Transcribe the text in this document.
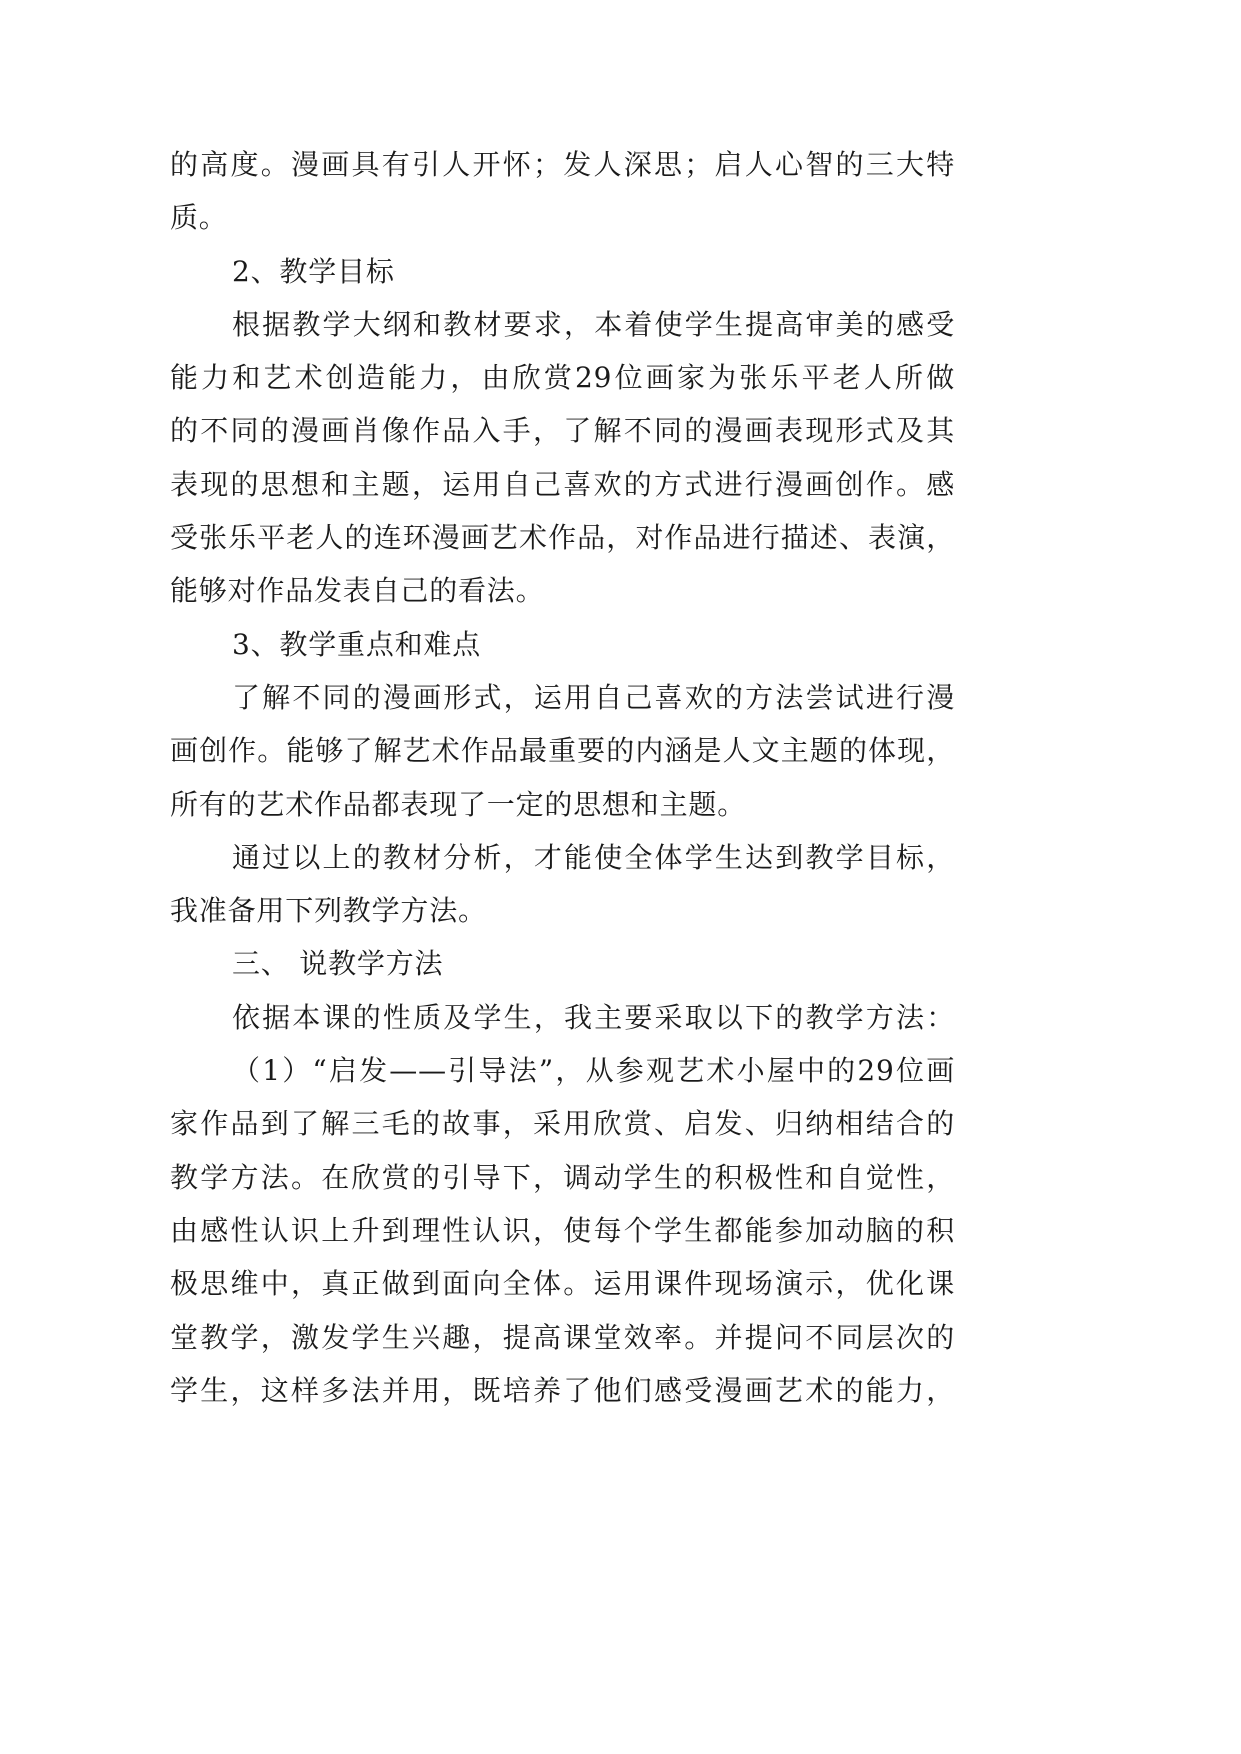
的高度。漫画具有引人开怀；发人深思；启人心智的三大特
质。
2、教学目标
根据教学大纲和教材要求，本着使学生提高审美的感受
能力和艺术创造能力，由欣赏29位画家为张乐平老人所做
的不同的漫画肖像作品入手，了解不同的漫画表现形式及其
表现的思想和主题，运用自己喜欢的方式进行漫画创作。感
受张乐平老人的连环漫画艺术作品，对作品进行描述、表演，
能够对作品发表自己的看法。
3、教学重点和难点
了解不同的漫画形式，运用自己喜欢的方法尝试进行漫
画创作。能够了解艺术作品最重要的内涵是人文主题的体现，
所有的艺术作品都表现了一定的思想和主题。
通过以上的教材分析，才能使全体学生达到教学目标，
我准备用下列教学方法。
三、 说教学方法
依据本课的性质及学生，我主要采取以下的教学方法：
（1）“启发——引导法”，从参观艺术小屋中的29位画
家作品到了解三毛的故事，采用欣赏、启发、归纳相结合的
教学方法。在欣赏的引导下，调动学生的积极性和自觉性，
由感性认识上升到理性认识，使每个学生都能参加动脑的积
极思维中，真正做到面向全体。运用课件现场演示，优化课
堂教学，激发学生兴趣，提高课堂效率。并提问不同层次的
学生，这样多法并用，既培养了他们感受漫画艺术的能力，
